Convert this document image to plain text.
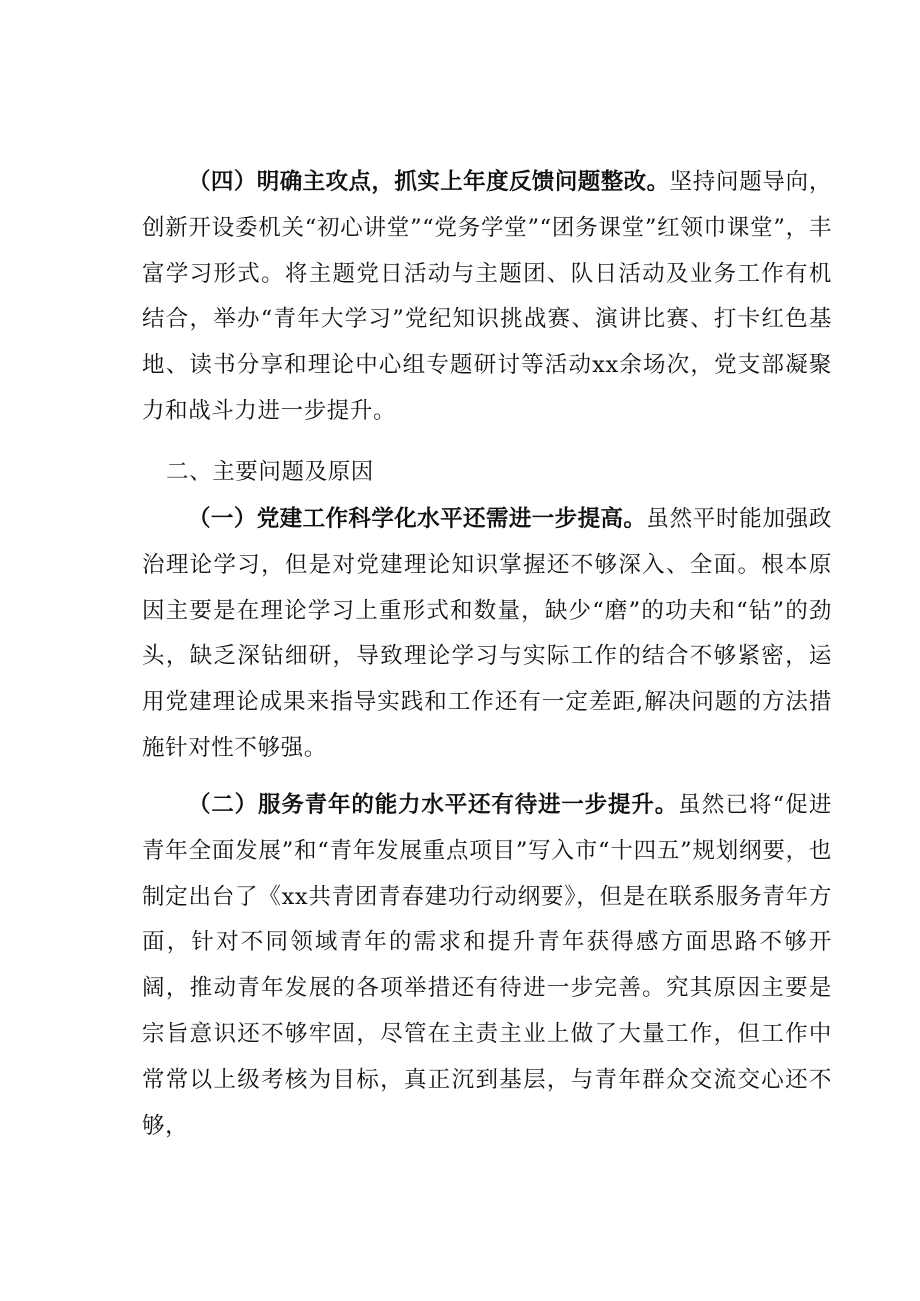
（四）明确主攻点，抓实上年度反馈问题整改。坚持问题导向，创新开设委机关“初心讲堂”“党务学堂”“团务课堂”红领巾课堂”，丰富学习形式。将主题党日活动与主题团、队日活动及业务工作有机结合，举办“青年大学习”党纪知识挑战赛、演讲比赛、打卡红色基地、读书分享和理论中心组专题研讨等活动xx余场次，党支部凝聚力和战斗力进一步提升。

二、主要问题及原因

（一）党建工作科学化水平还需进一步提高。虽然平时能加强政治理论学习，但是对党建理论知识掌握还不够深入、全面。根本原因主要是在理论学习上重形式和数量，缺少“磨”的功夫和“钻”的劲头，缺乏深钻细研，导致理论学习与实际工作的结合不够紧密，运用党建理论成果来指导实践和工作还有一定差距,解决问题的方法措施针对性不够强。

（二）服务青年的能力水平还有待进一步提升。虽然已将“促进青年全面发展”和“青年发展重点项目”写入市“十四五”规划纲要，也制定出台了《xx共青团青春建功行动纲要》，但是在联系服务青年方面，针对不同领域青年的需求和提升青年获得感方面思路不够开阔，推动青年发展的各项举措还有待进一步完善。究其原因主要是宗旨意识还不够牢固，尽管在主责主业上做了大量工作，但工作中常常以上级考核为目标，真正沉到基层，与青年群众交流交心还不够，
